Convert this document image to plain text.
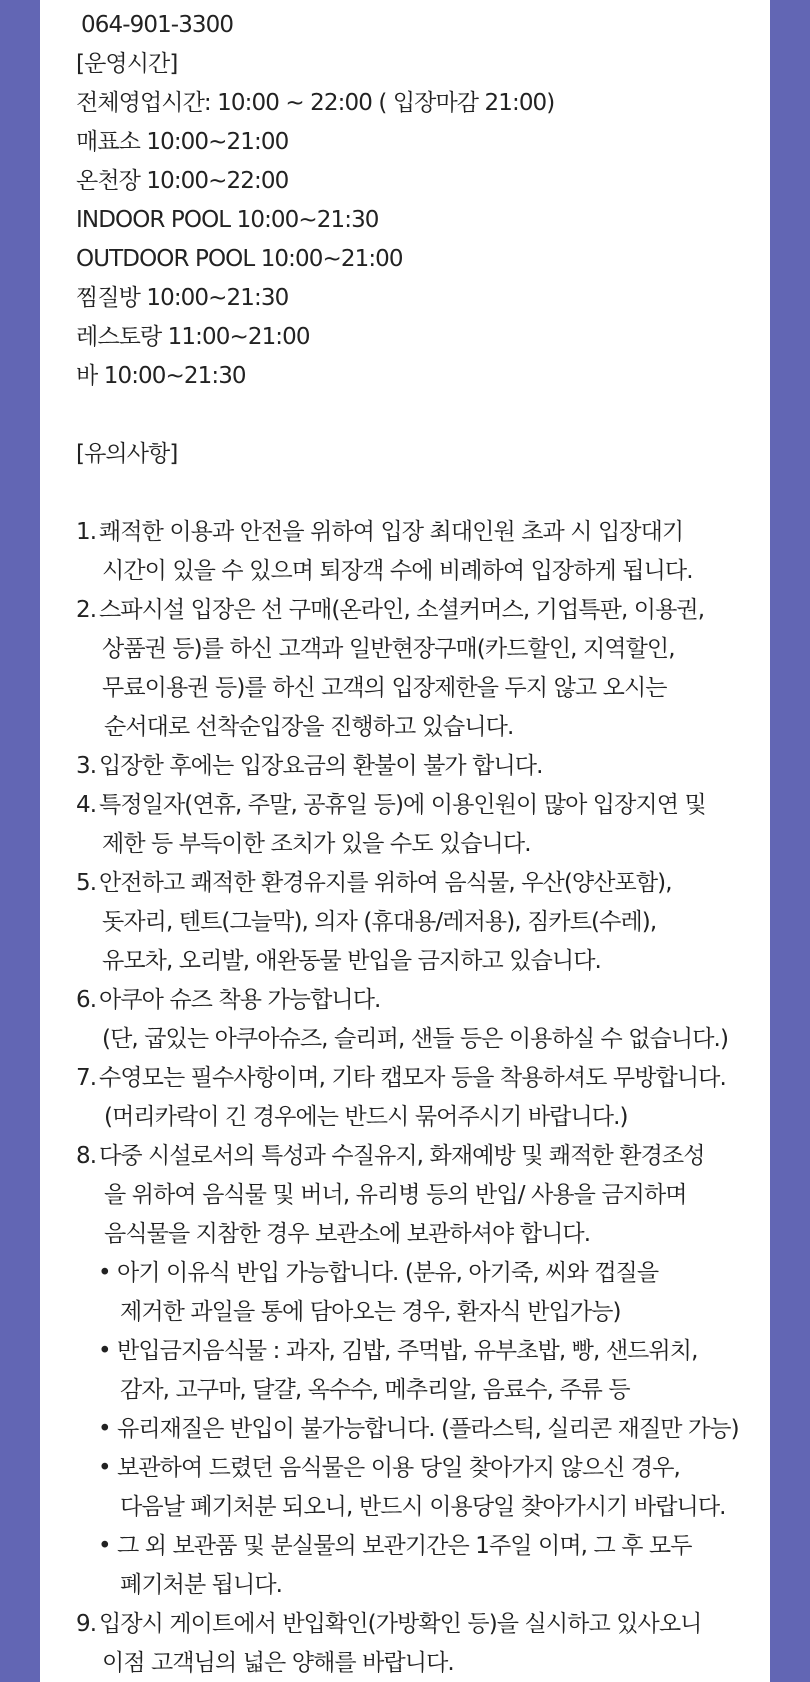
064-901-3300
[운영시간]
전체영업시간: 10:00 ~ 22:00 ( 입장마감 21:00)
매표소 10:00~21:00
온천장 10:00~22:00
INDOOR POOL 10:00~21:30
OUTDOOR POOL 10:00~21:00
찜질방 10:00~21:30
레스토랑 11:00~21:00
바 10:00~21:30
[유의사항]
1. 쾌적한 이용과 안전을 위하여 입장 최대인원 초과 시 입장대기
시간이 있을 수 있으며 퇴장객 수에 비례하여 입장하게 됩니다.
2. 스파시설 입장은 선 구매(온라인, 소셜커머스, 기업특판, 이용권,
상품권 등)를 하신 고객과 일반현장구매(카드할인, 지역할인,
무료이용권 등)를 하신 고객의 입장제한을 두지 않고 오시는
순서대로 선착순입장을 진행하고 있습니다.
3. 입장한 후에는 입장요금의 환불이 불가 합니다.
4. 특정일자(연휴, 주말, 공휴일 등)에 이용인원이 많아 입장지연 및
제한 등 부득이한 조치가 있을 수도 있습니다.
5. 안전하고 쾌적한 환경유지를 위하여 음식물, 우산(양산포함),
돗자리, 텐트(그늘막), 의자 (휴대용/레저용), 짐카트(수레),
유모차, 오리발, 애완동물 반입을 금지하고 있습니다.
6. 아쿠아 슈즈 착용 가능합니다.
(단, 굽있는 아쿠아슈즈, 슬리퍼, 샌들 등은 이용하실 수 없습니다.)
7. 수영모는 필수사항이며, 기타 캡모자 등을 착용하셔도 무방합니다.
(머리카락이 긴 경우에는 반드시 묶어주시기 바랍니다.)
8. 다중 시설로서의 특성과 수질유지, 화재예방 및 쾌적한 환경조성
을 위하여 음식물 및 버너, 유리병 등의 반입/ 사용을 금지하며
음식물을 지참한 경우 보관소에 보관하셔야 합니다.
• 아기 이유식 반입 가능합니다. (분유, 아기죽, 씨와 껍질을
제거한 과일을 통에 담아오는 경우, 환자식 반입가능)
• 반입금지음식물 : 과자, 김밥, 주먹밥, 유부초밥, 빵, 샌드위치,
감자, 고구마, 달걀, 옥수수, 메추리알, 음료수, 주류 등
• 유리재질은 반입이 불가능합니다. (플라스틱, 실리콘 재질만 가능)
• 보관하여 드렸던 음식물은 이용 당일 찾아가지 않으신 경우,
다음날 폐기처분 되오니, 반드시 이용당일 찾아가시기 바랍니다.
• 그 외 보관품 및 분실물의 보관기간은 1주일 이며, 그 후 모두
폐기처분 됩니다.
9. 입장시 게이트에서 반입확인(가방확인 등)을 실시하고 있사오니
이점 고객님의 넓은 양해를 바랍니다.
